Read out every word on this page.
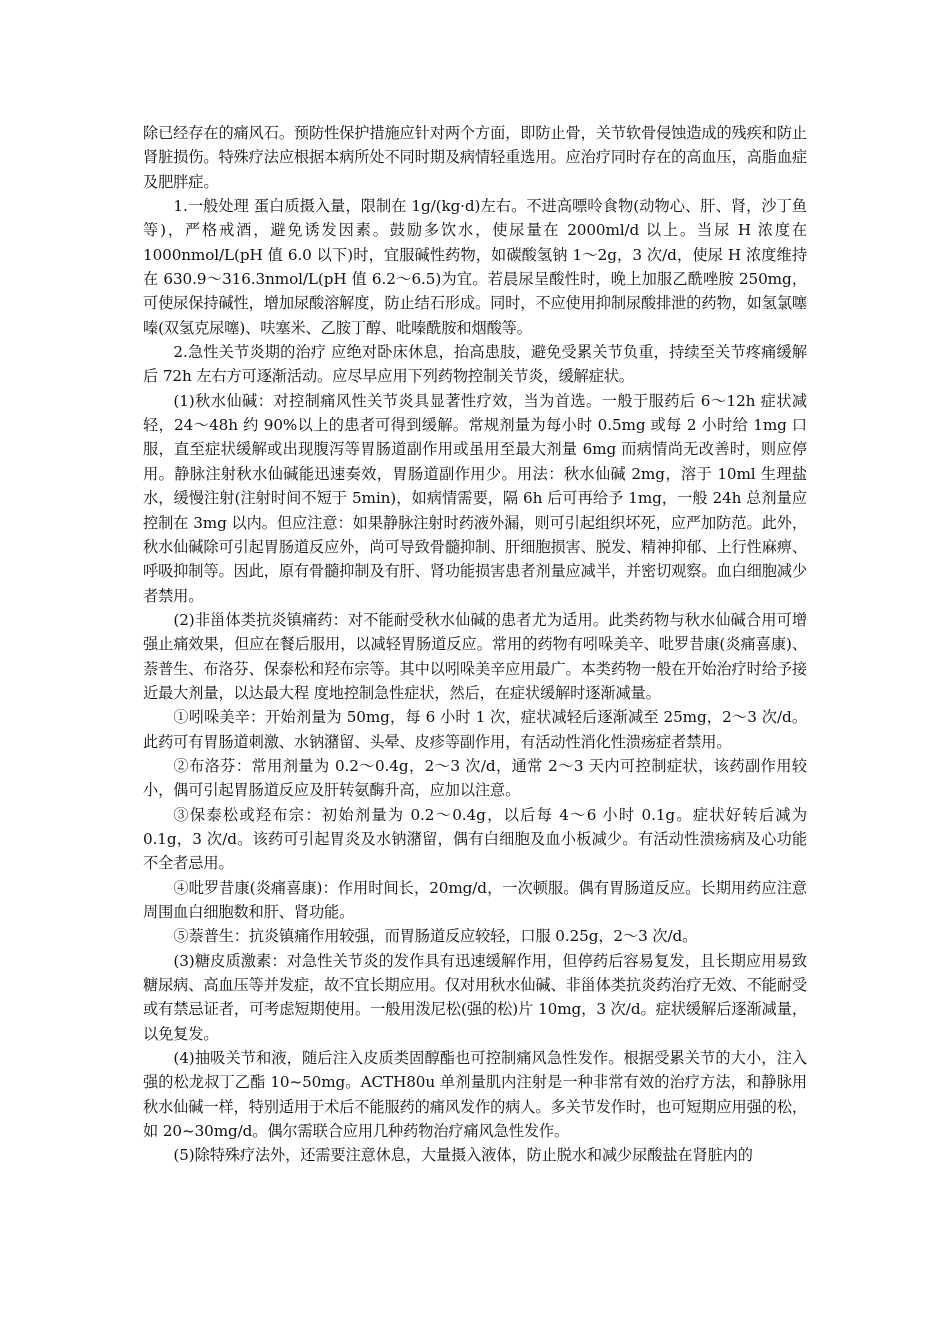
除已经存在的痛风石。预防性保护措施应针对两个方面，即防止骨，关节软骨侵蚀造成的残疾和防止肾脏损伤。特殊疗法应根据本病所处不同时期及病情轻重选用。应治疗同时存在的高血压，高脂血症及肥胖症。

1.一般处理 蛋白质摄入量，限制在 1g/(kg·d)左右。不进高嘌呤食物(动物心、肝、肾，沙丁鱼等)，严格戒酒，避免诱发因素。鼓励多饮水，使尿量在 2000ml/d 以上。当尿 H 浓度在 1000nmol/L(pH 值 6.0 以下)时，宜服碱性药物，如碳酸氢钠 1～2g，3 次/d，使尿 H 浓度维持在 630.9～316.3nmol/L(pH 值 6.2～6.5)为宜。若晨尿呈酸性时，晚上加服乙酰唑胺 250mg，可使尿保持碱性，增加尿酸溶解度，防止结石形成。同时，不应使用抑制尿酸排泄的药物，如氢氯噻嗪(双氢克尿噻)、呋塞米、乙胺丁醇、吡嗪酰胺和烟酸等。

2.急性关节炎期的治疗 应绝对卧床休息，抬高患肢，避免受累关节负重，持续至关节疼痛缓解后 72h 左右方可逐渐活动。应尽早应用下列药物控制关节炎，缓解症状。

(1)秋水仙碱：对控制痛风性关节炎具显著性疗效，当为首选。一般于服药后 6～12h 症状减轻，24～48h 约 90%以上的患者可得到缓解。常规剂量为每小时 0.5mg 或每 2 小时给 1mg 口服，直至症状缓解或出现腹泻等胃肠道副作用或虽用至最大剂量 6mg 而病情尚无改善时，则应停用。静脉注射秋水仙碱能迅速奏效，胃肠道副作用少。用法：秋水仙碱 2mg，溶于 10ml 生理盐水，缓慢注射(注射时间不短于 5min)，如病情需要，隔 6h 后可再给予 1mg，一般 24h 总剂量应控制在 3mg 以内。但应注意：如果静脉注射时药液外漏，则可引起组织坏死，应严加防范。此外，秋水仙碱除可引起胃肠道反应外，尚可导致骨髓抑制、肝细胞损害、脱发、精神抑郁、上行性麻痹、呼吸抑制等。因此，原有骨髓抑制及有肝、肾功能损害患者剂量应减半，并密切观察。血白细胞减少者禁用。

(2)非甾体类抗炎镇痛药：对不能耐受秋水仙碱的患者尤为适用。此类药物与秋水仙碱合用可增强止痛效果，但应在餐后服用，以减轻胃肠道反应。常用的药物有吲哚美辛、吡罗昔康(炎痛喜康)、萘普生、布洛芬、保泰松和羟布宗等。其中以吲哚美辛应用最广。本类药物一般在开始治疗时给予接近最大剂量，以达最大程 度地控制急性症状，然后，在症状缓解时逐渐减量。

①吲哚美辛：开始剂量为 50mg，每 6 小时 1 次，症状减轻后逐渐减至 25mg，2～3 次/d。此药可有胃肠道刺激、水钠潴留、头晕、皮疹等副作用，有活动性消化性溃疡症者禁用。

②布洛芬：常用剂量为 0.2～0.4g，2～3 次/d，通常 2～3 天内可控制症状，该药副作用较小，偶可引起胃肠道反应及肝转氨酶升高，应加以注意。

③保泰松或羟布宗：初始剂量为 0.2～0.4g，以后每 4～6 小时 0.1g。症状好转后减为 0.1g，3 次/d。该药可引起胃炎及水钠潴留，偶有白细胞及血小板减少。有活动性溃疡病及心功能不全者忌用。

④吡罗昔康(炎痛喜康)：作用时间长，20mg/d，一次顿服。偶有胃肠道反应。长期用药应注意周围血白细胞数和肝、肾功能。

⑤萘普生：抗炎镇痛作用较强，而胃肠道反应较轻，口服 0.25g，2～3 次/d。

(3)糖皮质激素：对急性关节炎的发作具有迅速缓解作用，但停药后容易复发，且长期应用易致糖尿病、高血压等并发症，故不宜长期应用。仅对用秋水仙碱、非甾体类抗炎药治疗无效、不能耐受或有禁忌证者，可考虑短期使用。一般用泼尼松(强的松)片 10mg，3 次/d。症状缓解后逐渐减量，以免复发。

(4)抽吸关节和液，随后注入皮质类固醇酯也可控制痛风急性发作。根据受累关节的大小，注入强的松龙叔丁乙酯 10~50mg。ACTH80u 单剂量肌内注射是一种非常有效的治疗方法，和静脉用秋水仙碱一样，特别适用于术后不能服药的痛风发作的病人。多关节发作时，也可短期应用强的松，如 20~30mg/d。偶尔需联合应用几种药物治疗痛风急性发作。

(5)除特殊疗法外，还需要注意休息，大量摄入液体，防止脱水和减少尿酸盐在肾脏内的
